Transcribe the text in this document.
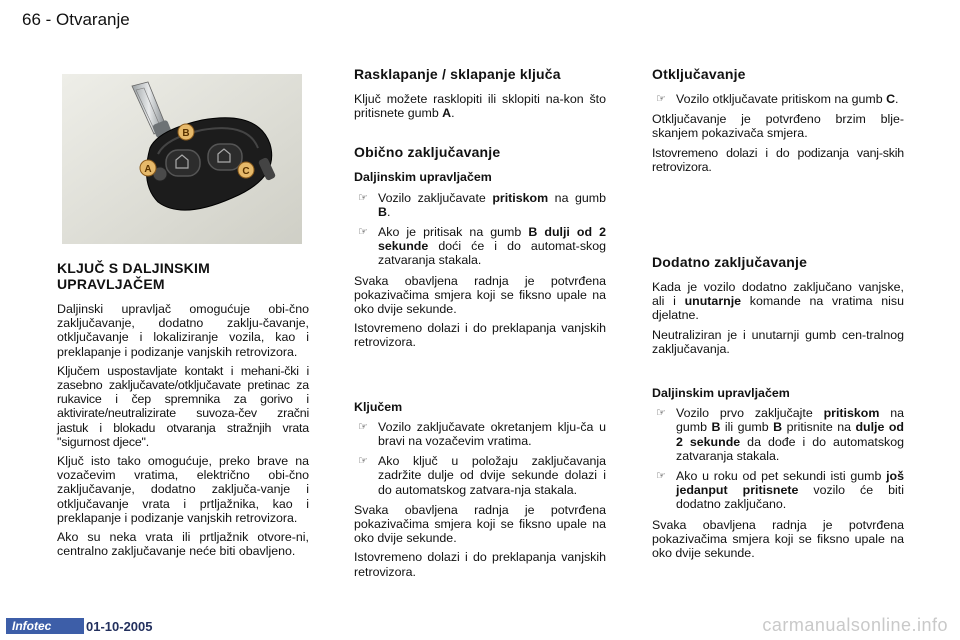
66 - Otvaranje
B
C
A
KLJUČ S DALJINSKIM UPRAVLJAČEM

Daljinski upravljač omogućuje obi-čno zaključavanje, dodatno zaklju-čavanje, otključavanje i lokaliziranje vozila, kao i preklapanje i podizanje vanjskih retrovizora.

Ključem uspostavljate kontakt i mehani-čki i zasebno zaključavate/otključavate pretinac za rukavice i čep spremnika za gorivo i aktivirate/neutralizirate suvoza-čev zračni jastuk i blokadu otvaranja stražnjih vrata "sigurnost djece".

Ključ isto tako omogućuje, preko brave na vozačevim vratima, električno obi-čno zaključavanje, dodatno zaključa-vanje i otključavanje vrata i prtljažnika, kao i preklapanje i podizanje vanjskih retrovizora.

Ako su neka vrata ili prtljažnik otvore-ni, centralno zaključavanje neće biti obavljeno.

Rasklapanje / sklapanje ključa

Ključ možete rasklopiti ili sklopiti na-kon što pritisnete gumb A.

Obično zaključavanje
Daljinskim upravljačem
☞ Vozilo zaključavate pritiskom na gumb B.
☞ Ako je pritisak na gumb B dulji od 2 sekunde doći će i do automat-skog zatvaranja stakala.

Svaka obavljena radnja je potvrđena pokazivačima smjera koji se fiksno upale na oko dvije sekunde.

Istovremeno dolazi i do preklapanja vanjskih retrovizora.

Ključem
☞ Vozilo zaključavate okretanjem klju-ča u bravi na vozačevim vratima.
☞ Ako ključ u položaju zaključavanja zadržite dulje od dvije sekunde dolazi i do automatskog zatvara-nja stakala.

Svaka obavljena radnja je potvrđena pokazivačima smjera koji se fiksno upale na oko dvije sekunde.

Istovremeno dolazi i do preklapanja vanjskih retrovizora.

Otključavanje
☞ Vozilo otključavate pritiskom na gumb C.

Otključavanje je potvrđeno brzim blje-skanjem pokazivača smjera.

Istovremeno dolazi i do podizanja vanj-skih retrovizora.

Dodatno zaključavanje

Kada je vozilo dodatno zaključano vanjske, ali i unutarnje komande na vratima nisu djelatne.

Neutraliziran je i unutarnji gumb cen-tralnog zaključavanja.

Daljinskim upravljačem
☞ Vozilo prvo zaključajte pritiskom na gumb B ili gumb B pritisnite na dulje od 2 sekunde da dođe i do automatskog zatvaranja stakala.
☞ Ako u roku od pet sekundi isti gumb još jedanput pritisnete vozilo će biti dodatno zaključano.

Svaka obavljena radnja je potvrđena pokazivačima smjera koji se fiksno upale na oko dvije sekunde.

Infotec	01-10-2005	carmanualsonline.info
